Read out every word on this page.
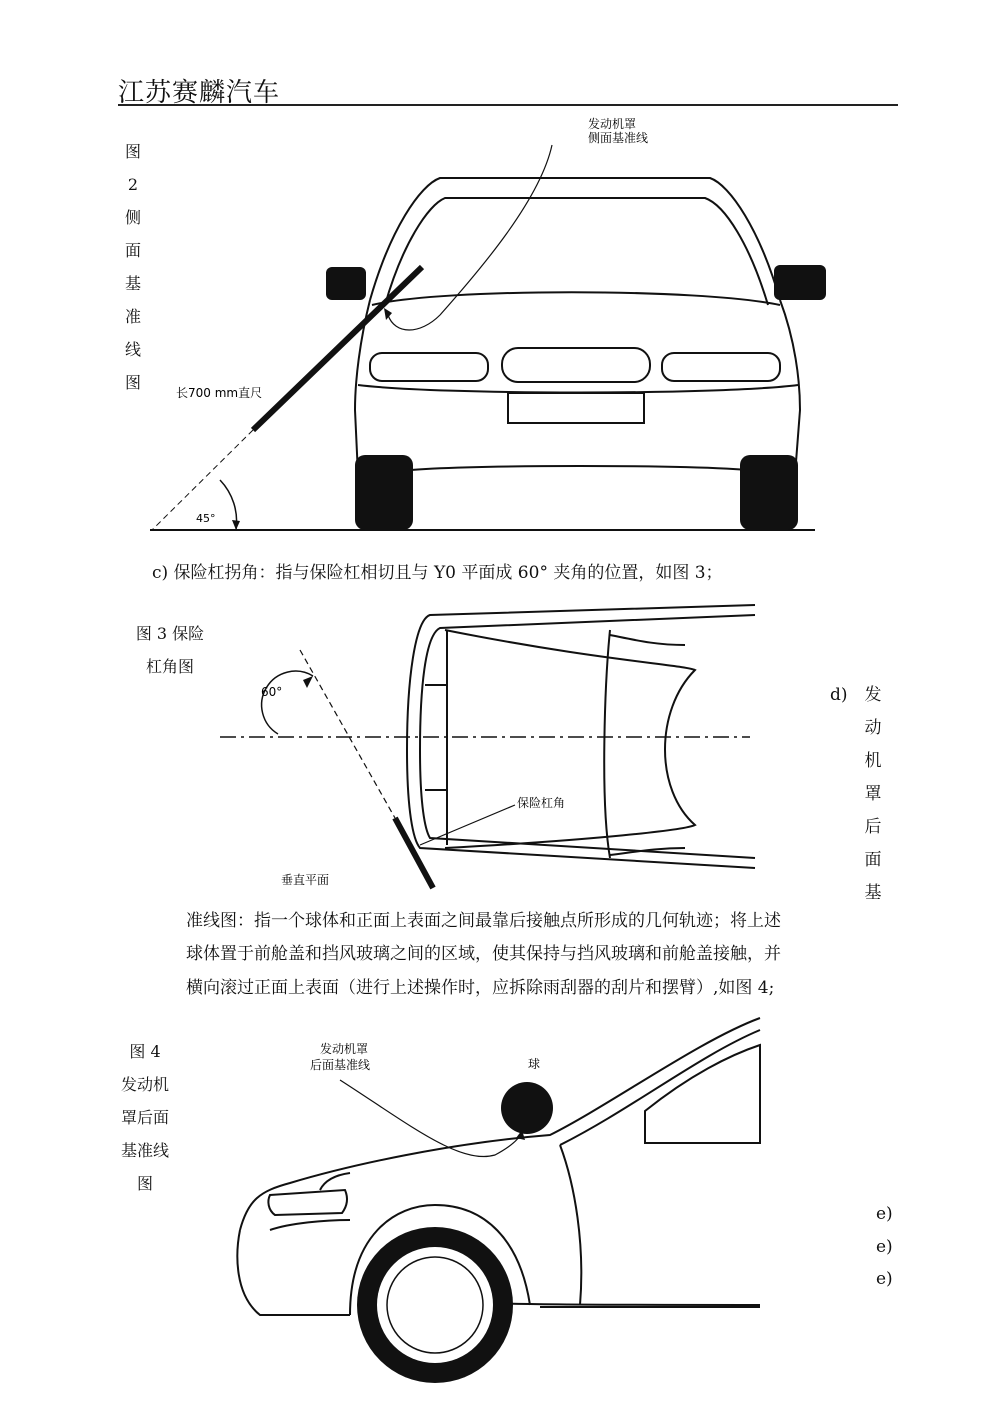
江苏赛麟汽车
图
2
侧
面
基
准
线
图
发动机罩
侧面基准线
长700 mm直尺
45°
c) 保险杠拐角：指与保险杠相切且与 Y0 平面成 60° 夹角的位置，如图 3；
图 3 保险
杠角图
60°
保险杠角
垂直平面
d) 发
动
机
罩
后
面
基
准线图：指一个球体和正面上表面之间最靠后接触点所形成的几何轨迹；将上述
球体置于前舱盖和挡风玻璃之间的区域，使其保持与挡风玻璃和前舱盖接触，并
横向滚过正面上表面（进行上述操作时，应拆除雨刮器的刮片和摆臂）,如图 4;
图 4
发动机
罩后面
基准线
图
发动机罩
后面基准线	球
e)
e)
e)
